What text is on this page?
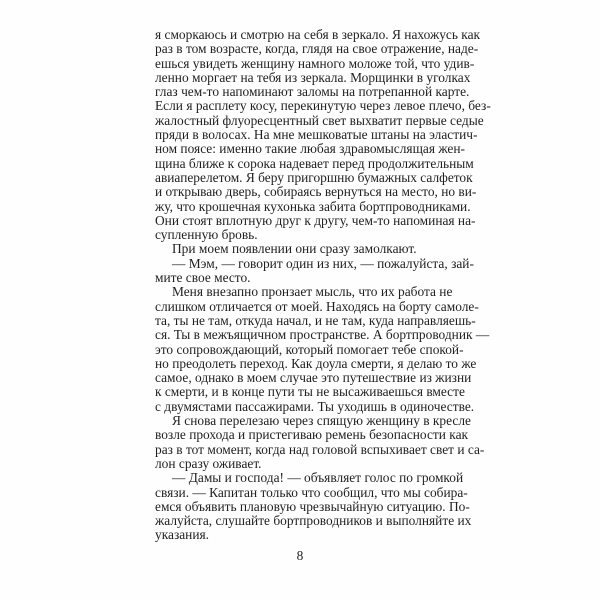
я сморкаюсь и смотрю на себя в зеркало. Я нахожусь как
раз в том возрасте, когда, глядя на свое отражение, наде-
ешься увидеть женщину намного моложе той, что удив-
ленно моргает на тебя из зеркала. Морщинки в уголках
глаз чем-то напоминают заломы на потрепанной карте.
Если я расплету косу, перекинутую через левое плечо, без-
жалостный флуоресцентный свет выхватит первые седые
пряди в волосах. На мне мешковатые штаны на эластич-
ном поясе: именно такие любая здравомыслящая жен-
щина ближе к сорока надевает перед продолжительным
авиаперелетом. Я беру пригоршню бумажных салфеток
и открываю дверь, собираясь вернуться на место, но ви-
жу, что крошечная кухонька забита бортпроводниками.
Они стоят вплотную друг к другу, чем-то напоминая на-
супленную бровь.
При моем появлении они сразу замолкают.
— Мэм, — говорит один из них, — пожалуйста, зай-
мите свое место.
Меня внезапно пронзает мысль, что их работа не
слишком отличается от моей. Находясь на борту самоле-
та, ты не там, откуда начал, и не там, куда направляешь-
ся. Ты в межъящичном пространстве. А бортпроводник —
это сопровождающий, который помогает тебе спокой-
но преодолеть переход. Как доула смерти, я делаю то же
самое, однако в моем случае это путешествие из жизни
к смерти, и в конце пути ты не высаживаешься вместе
с двумястами пассажирами. Ты уходишь в одиночестве.
Я снова перелезаю через спящую женщину в кресле
возле прохода и пристегиваю ремень безопасности как
раз в тот момент, когда над головой вспыхивает свет и са-
лон сразу оживает.
— Дамы и господа! — объявляет голос по громкой
связи. — Капитан только что сообщил, что мы собира-
емся объявить плановую чрезвычайную ситуацию. По-
жалуйста, слушайте бортпроводников и выполняйте их
указания.
8
